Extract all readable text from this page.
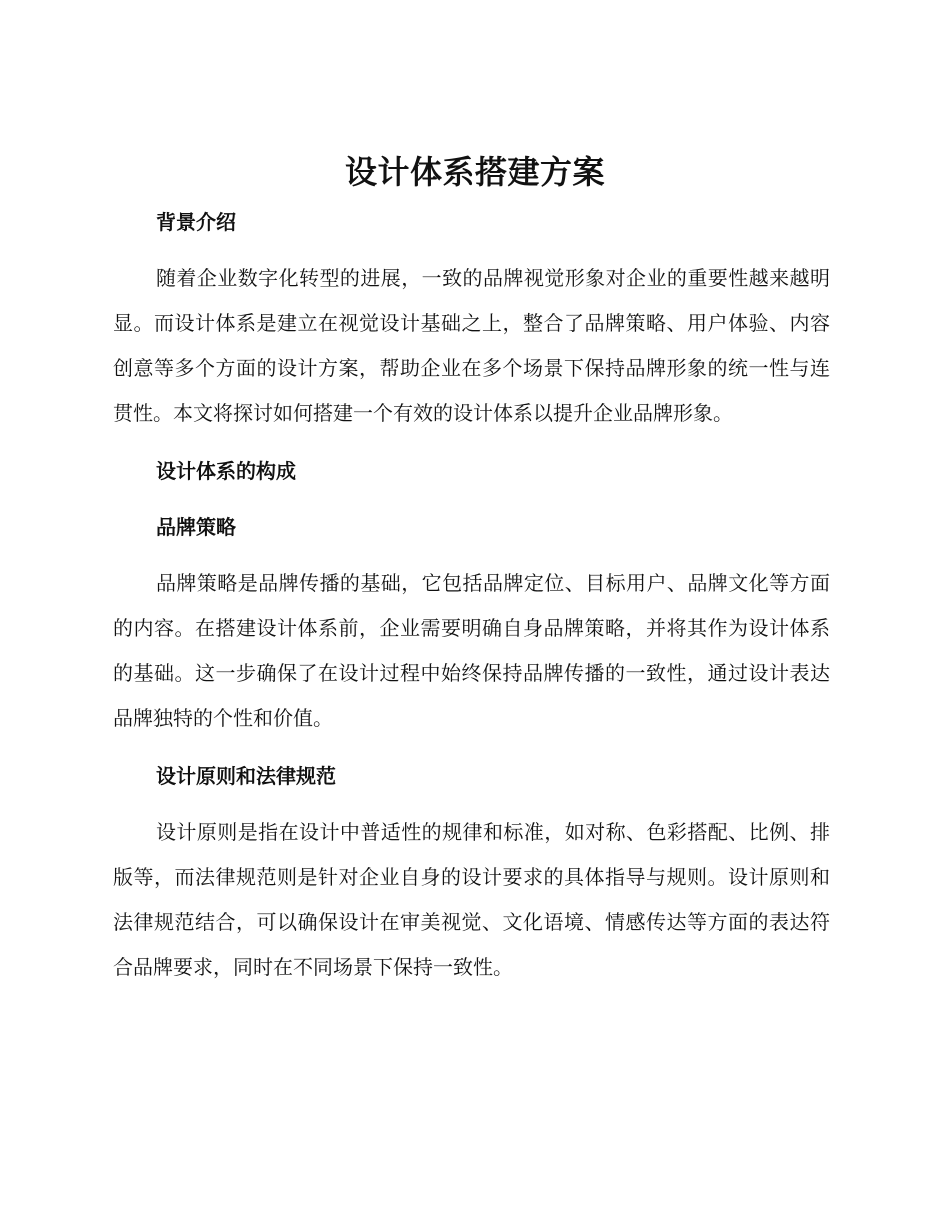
设计体系搭建方案
背景介绍

随着企业数字化转型的进展，一致的品牌视觉形象对企业的重要性越来越明显。而设计体系是建立在视觉设计基础之上，整合了品牌策略、用户体验、内容创意等多个方面的设计方案，帮助企业在多个场景下保持品牌形象的统一性与连贯性。本文将探讨如何搭建一个有效的设计体系以提升企业品牌形象。

设计体系的构成
品牌策略

品牌策略是品牌传播的基础，它包括品牌定位、目标用户、品牌文化等方面的内容。在搭建设计体系前，企业需要明确自身品牌策略，并将其作为设计体系的基础。这一步确保了在设计过程中始终保持品牌传播的一致性，通过设计表达品牌独特的个性和价值。

设计原则和法律规范

设计原则是指在设计中普适性的规律和标准，如对称、色彩搭配、比例、排版等，而法律规范则是针对企业自身的设计要求的具体指导与规则。设计原则和法律规范结合，可以确保设计在审美视觉、文化语境、情感传达等方面的表达符合品牌要求，同时在不同场景下保持一致性。
